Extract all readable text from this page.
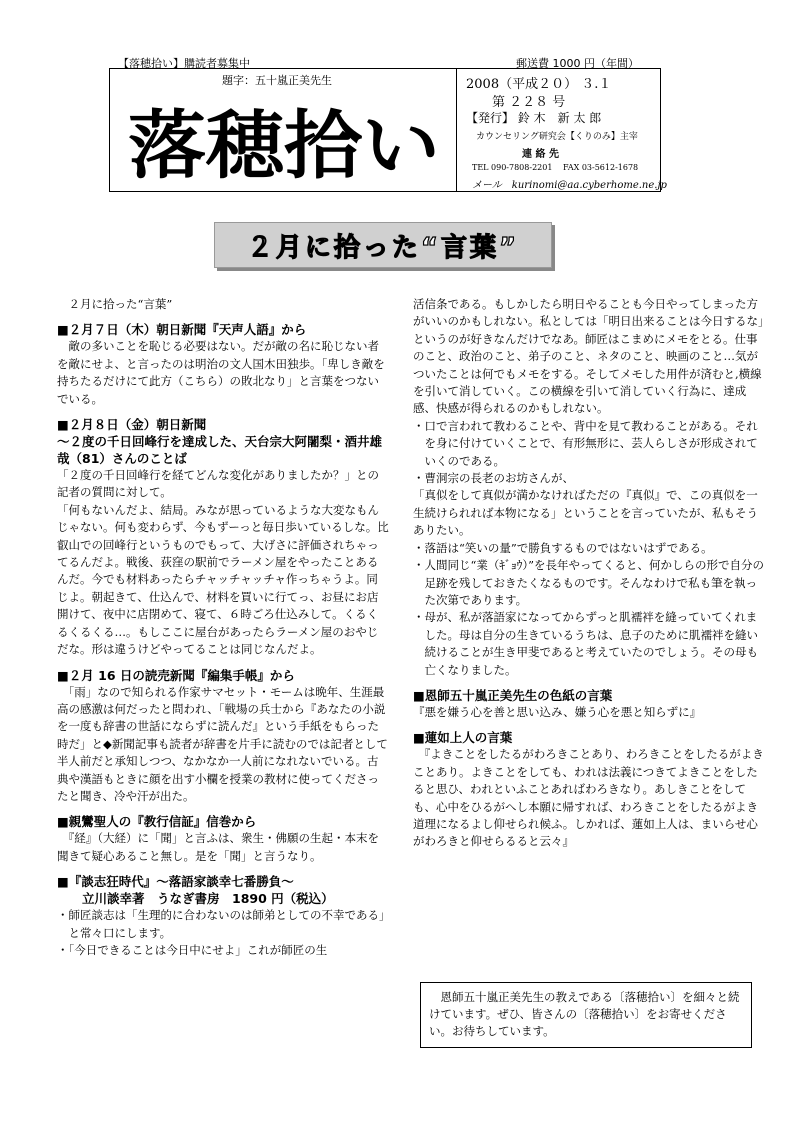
【落穂拾い】購読者募集中	郵送費 1000 円（年間）
題字：五十嵐正美先生
落穂拾い
2008（平成２０） ３.１
第 ２２８ 号
【発行】 鈴 木　新 太 郎
カウンセリング研究会【くりのみ】主宰
連 絡 先
TEL 090-7808-2201　 FAX 03-5612-1678
メール　kurinomi@aa.cyberhome.ne.jp
２月に拾った“言葉”
　２月に拾った“言葉”
■２月７日（木）朝日新聞『天声人語』から
　敵の多いことを恥じる必要はない。だが敵の名に恥じない者を敵にせよ、と言ったのは明治の文人国木田独歩。「卑しき敵を持ちたるだけにて此方（こちら）の敗北なり」と言葉をつないでいる。
■２月８日（金）朝日新聞
～２度の千日回峰行を達成した、天台宗大阿闍梨・酒井雄哉（81）さんのことば
「２度の千日回峰行を経てどんな変化がありましたか？」との記者の質問に対して。
「何もないんだよ、結局。みなが思っているような大変なもんじゃない。何も変わらず、今もずーっと毎日歩いているしな。比叡山での回峰行というものでもって、大げさに評価されちゃってるんだよ。戦後、荻窪の駅前でラーメン屋をやったことあるんだ。今でも材料あったらチャッチャッチャ作っちゃうよ。同じよ。朝起きて、仕込んで、材料を買いに行てっ、お昼にお店開けて、夜中に店閉めて、寝て、６時ごろ仕込みして。くるくるくるくる…。もしここに屋台があったらラーメン屋のおやじだな。形は違うけどやってることは同じなんだよ。
■２月 16 日の読売新聞『編集手帳』から
　「雨」なので知られる作家サマセット・モームは晩年、生涯最高の感激は何だったと問われ、「戦場の兵士から『あなたの小説を一度も辞書の世話にならずに読んだ』という手紙をもらった時だ」と◆新聞記事も読者が辞書を片手に読むのでは記者として半人前だと承知しつつ、なかなか一人前になれないでいる。古典や漢語もときに顔を出す小欄を授業の教材に使ってくださったと聞き、冷や汗が出た。
■親鸞聖人の『教行信証』信巻から
　『経』（大経）に「聞」と言ふは、衆生・佛願の生起・本末を聞きて疑心あること無し。是を「聞」と言うなり。
■『談志狂時代』～落語家談幸七番勝負～
　　立川談幸著　うなぎ書房　1890 円（税込）
・師匠談志は「生理的に合わないのは師弟としての不幸である」と常々口にします。
・「今日できることは今日中にせよ」これが師匠の生
活信条である。もしかしたら明日やることも今日やってしまった方がいいのかもしれない。私としては「明日出来ることは今日するな」というのが好きなんだけでなあ。師匠はこまめにメモをとる。仕事のこと、政治のこと、弟子のこと、ネタのこと、映画のこと…気がついたことは何でもメモをする。そしてメモした用件が済むと,横線を引いて消していく。この横線を引いて消していく行為に、達成感、快感が得られるのかもしれない。
・口で言われて教わることや、背中を見て教わることがある。それを身に付けていくことで、有形無形に、芸人らしさが形成されていくのである。
・曹洞宗の長老のお坊さんが、
「真似をして真似が満かなければただの『真似』で、この真似を一生続けられれば本物になる」ということを言っていたが、私もそうありたい。
・落語は“笑いの量”で勝負するものではないはずである。
・人間同じ“業（ｷﾞｮｳ）”を長年やってくると、何かしらの形で自分の足跡を残しておきたくなるものです。そんなわけで私も筆を執った次第であります。
・母が、私が落語家になってからずっと肌襦袢を縫っていてくれました。母は自分の生きているうちは、息子のために肌襦袢を縫い続けることが生き甲斐であると考えていたのでしょう。その母も亡くなりました。
■恩師五十嵐正美先生の色紙の言葉
『悪を嫌う心を善と思い込み、嫌う心を悪と知らずに』
■蓮如上人の言葉
　『よきことをしたるがわろきことあり、わろきことをしたるがよきことあり。よきことをしても、われは法義につきてよきことをしたると思ひ、われといふことあればわろきなり。あしきことをしても、心中をひるがへし本願に帰すれば、わろきことをしたるがよき道理になるよし仰せられ候ふ。しかれば、蓮如上人は、まいらせ心がわろきと仰せらるると云々』
　恩師五十嵐正美先生の教えである〔落穂拾い〕を細々と続けています。ぜひ、皆さんの〔落穂拾い〕をお寄せください。お待ちしています。
